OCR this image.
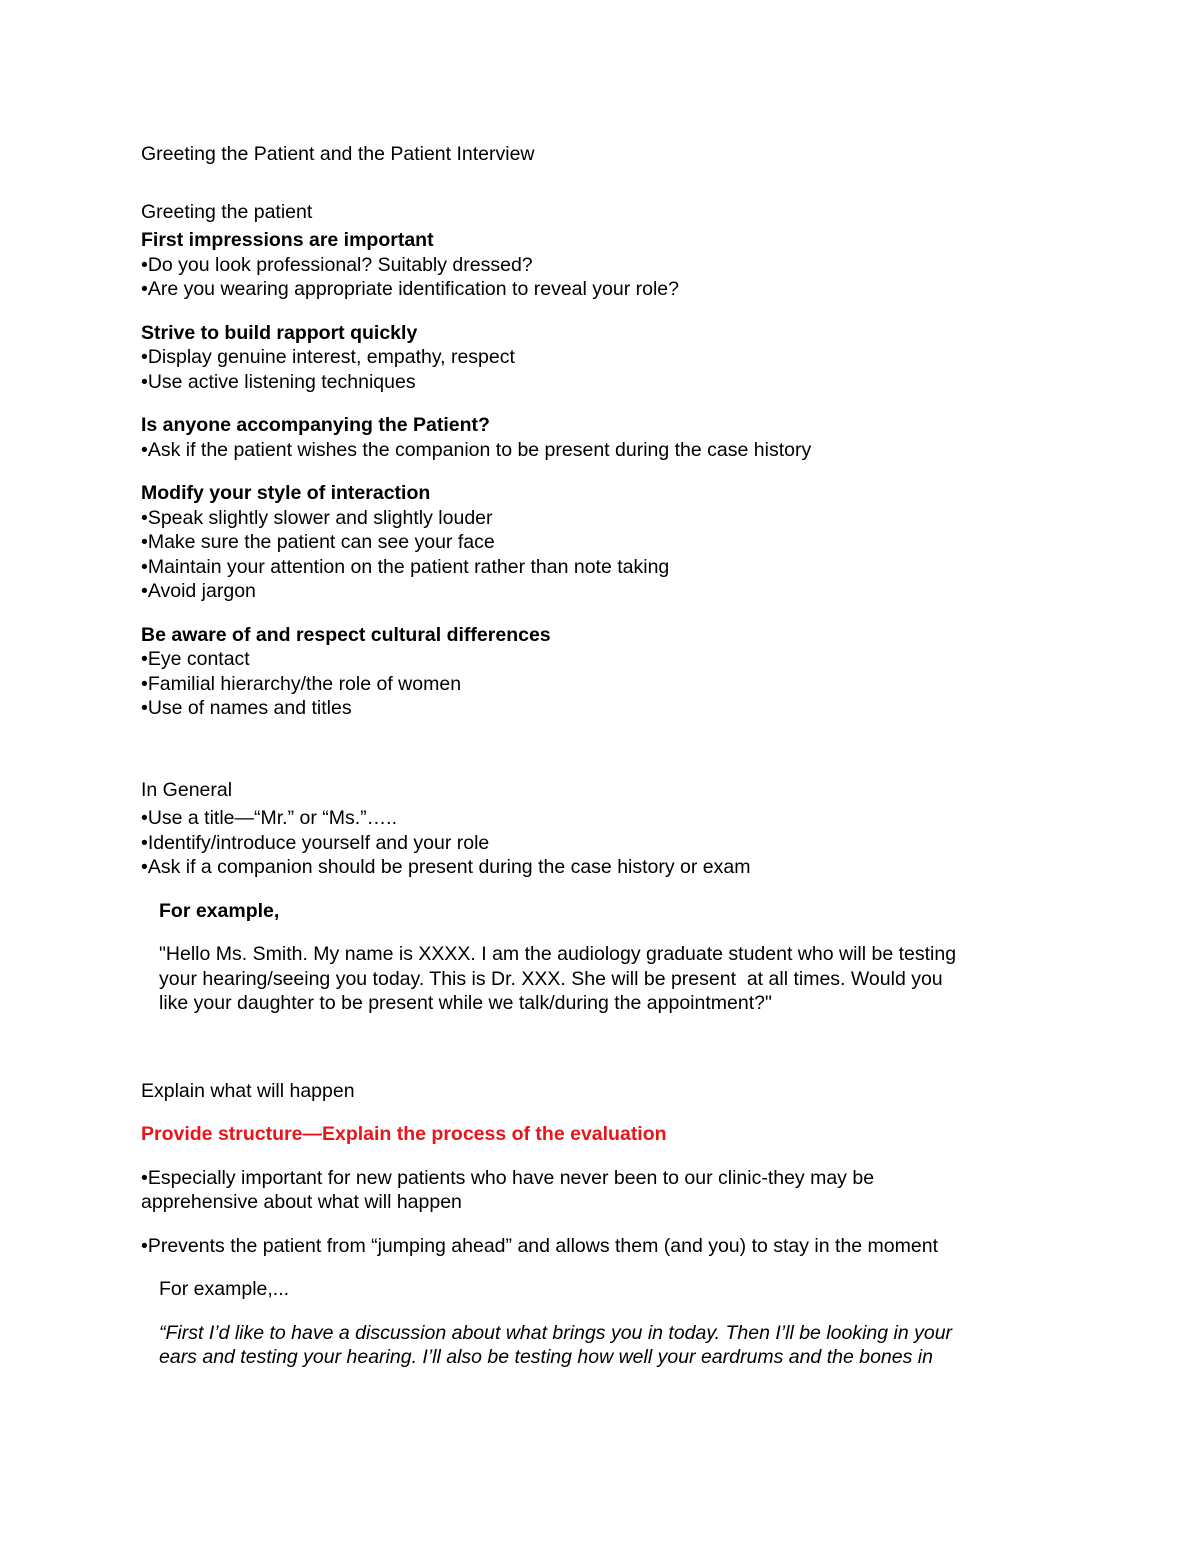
Greeting the Patient and the Patient Interview
Greeting the patient
First impressions are important
• Do you look professional? Suitably dressed?
• Are you wearing appropriate identification to reveal your role?
Strive to build rapport quickly
• Display genuine interest, empathy, respect
• Use active listening techniques
Is anyone accompanying the Patient?
• Ask if the patient wishes the companion to be present during the case history
Modify your style of interaction
• Speak slightly slower and slightly louder
• Make sure the patient can see your face
• Maintain your attention on the patient rather than note taking
• Avoid jargon
Be aware of and respect cultural differences
• Eye contact
• Familial hierarchy/the role of women
• Use of names and titles
In General
• Use a title—“Mr.” or “Ms.”…..
• Identify/introduce yourself and your role
• Ask if a companion should be present during the case history or exam
For example,
"Hello Ms. Smith. My name is XXXX. I am the audiology graduate student who will be testing
your hearing/seeing you today. This is Dr. XXX. She will be present  at all times. Would you
like your daughter to be present while we talk/during the appointment?"
Explain what will happen
Provide structure—Explain the process of the evaluation
• Especially important for new patients who have never been to our clinic-they may be
apprehensive about what will happen
• Prevents the patient from “jumping ahead” and allows them (and you) to stay in the moment
For example,...
“First I’d like to have a discussion about what brings you in today. Then I’ll be looking in your
ears and testing your hearing. I’ll also be testing how well your eardrums and the bones in
